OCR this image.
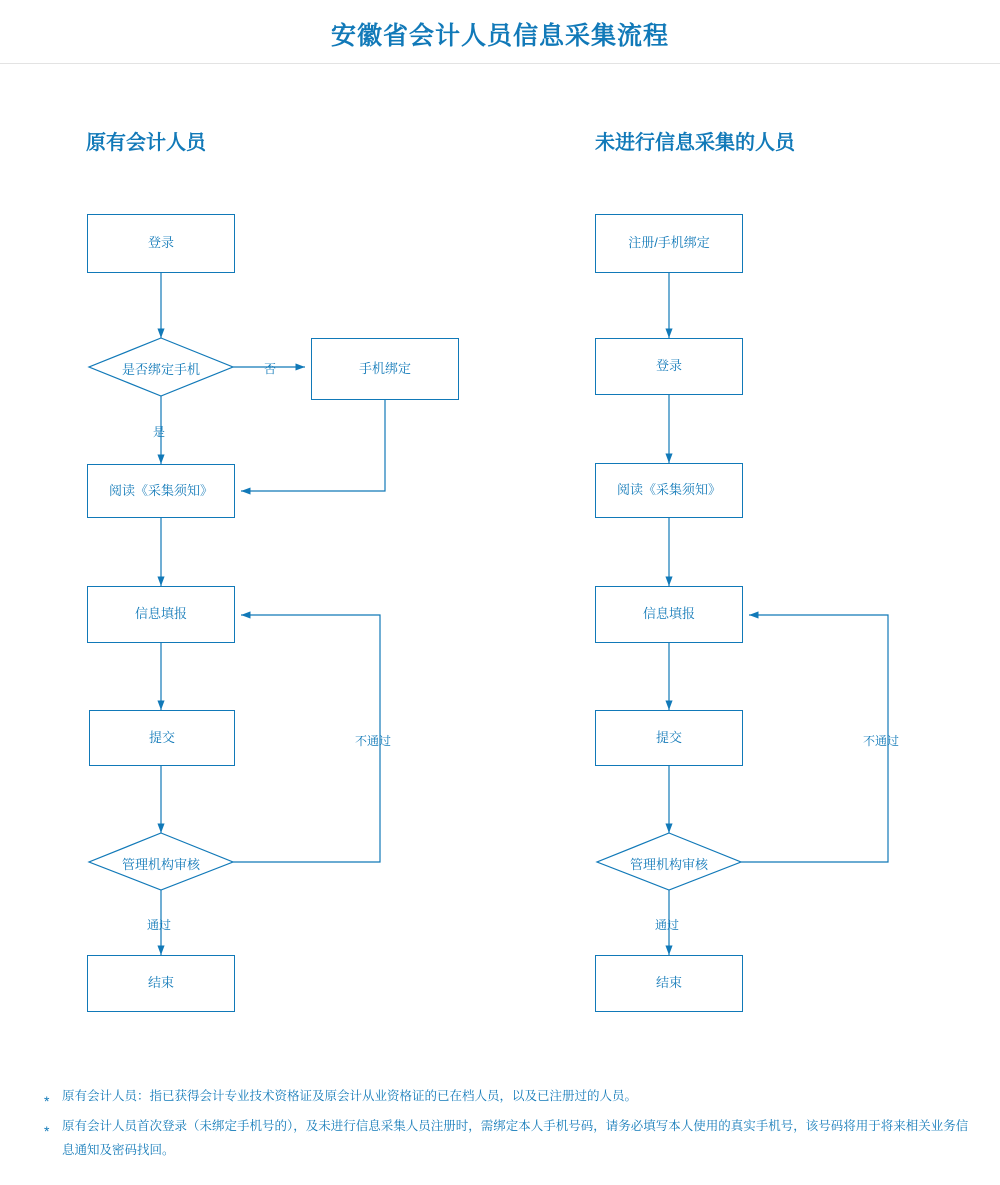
安徽省会计人员信息采集流程
原有会计人员	未进行信息采集的人员
登录
是否绑定手机	手机绑定
阅读《采集须知》
信息填报
提交
管理机构审核
结束
否
是
不通过
通过
注册/手机绑定
登录
阅读《采集须知》
信息填报
提交
管理机构审核
结束
不通过
通过
* 原有会计人员：指已获得会计专业技术资格证及原会计从业资格证的已在档人员，以及已注册过的人员。
* 原有会计人员首次登录（未绑定手机号的），及未进行信息采集人员注册时，需绑定本人手机号码，请务必填写本人使用的真实手机号，该号码将用于将来相关业务信息通知及密码找回。
